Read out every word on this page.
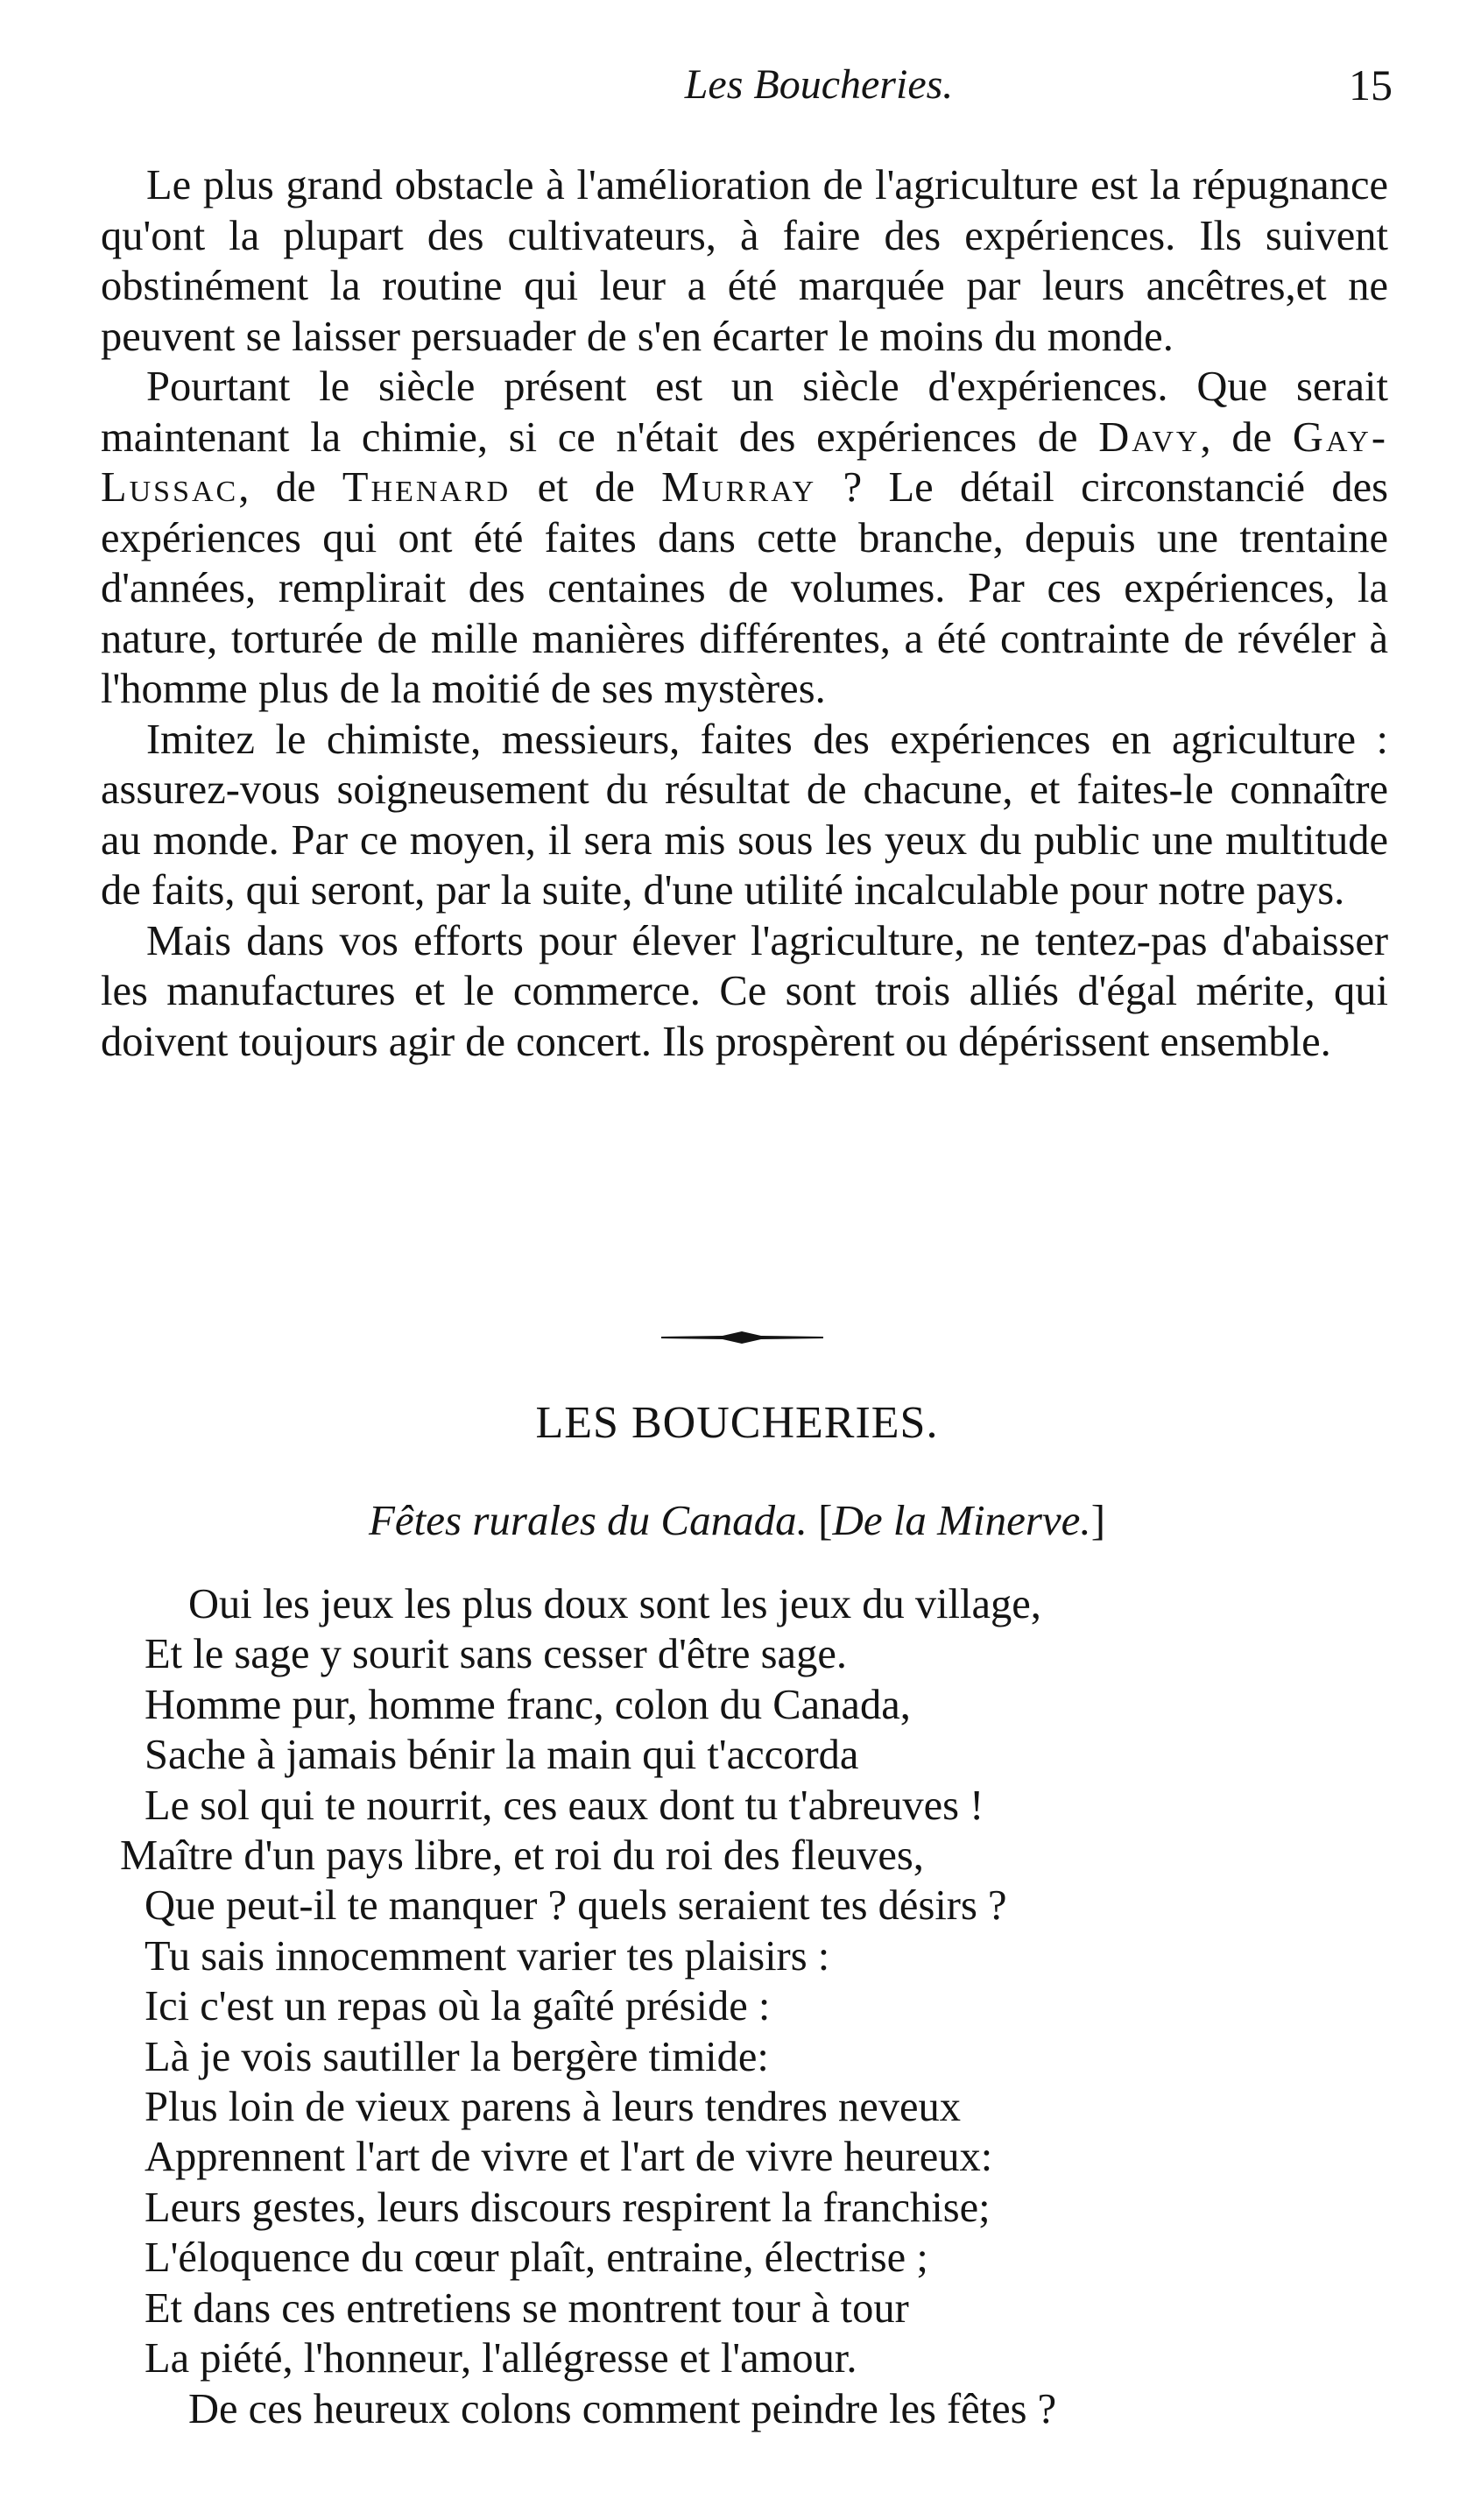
Les Boucheries.	15

Le plus grand obstacle à l'amélioration de l'agriculture est la répugnance qu'ont la plupart des cultivateurs, à faire des expériences. Ils suivent obstinément la routine qui leur a été marquée par leurs ancêtres,et ne peuvent se laisser persuader de s'en écarter le moins du monde.

Pourtant le siècle présent est un siècle d'expériences. Que serait maintenant la chimie, si ce n'était des expériences de Davy, de Gay-Lussac, de Thenard et de Murray ? Le détail circonstancié des expériences qui ont été faites dans cette branche, depuis une trentaine d'années, remplirait des centaines de volumes. Par ces expériences, la nature, torturée de mille manières différentes, a été contrainte de révéler à l'homme plus de la moitié de ses mystères.

Imitez le chimiste, messieurs, faites des expériences en agriculture : assurez-vous soigneusement du résultat de chacune, et faites-le connaître au monde. Par ce moyen, il sera mis sous les yeux du public une multitude de faits, qui seront, par la suite, d'une utilité incalculable pour notre pays.

Mais dans vos efforts pour élever l'agriculture, ne tentez-pas d'abaisser les manufactures et le commerce. Ce sont trois alliés d'égal mérite, qui doivent toujours agir de concert. Ils prospèrent ou dépérissent ensemble.

LES BOUCHERIES.
Fêtes rurales du Canada. [De la Minerve.]
Oui les jeux les plus doux sont les jeux du village,
Et le sage y sourit sans cesser d'être sage.
Homme pur, homme franc, colon du Canada,
Sache à jamais bénir la main qui t'accorda
Le sol qui te nourrit, ces eaux dont tu t'abreuves !
Maître d'un pays libre, et roi du roi des fleuves,
Que peut-il te manquer ? quels seraient tes désirs ?
Tu sais innocemment varier tes plaisirs :
Ici c'est un repas où la gaîté préside :
Là je vois sautiller la bergère timide:
Plus loin de vieux parens à leurs tendres neveux
Apprennent l'art de vivre et l'art de vivre heureux:
Leurs gestes, leurs discours respirent la franchise;
L'éloquence du cœur plaît, entraine, électrise ;
Et dans ces entretiens se montrent tour à tour
La piété, l'honneur, l'allégresse et l'amour.
De ces heureux colons comment peindre les fêtes ?
